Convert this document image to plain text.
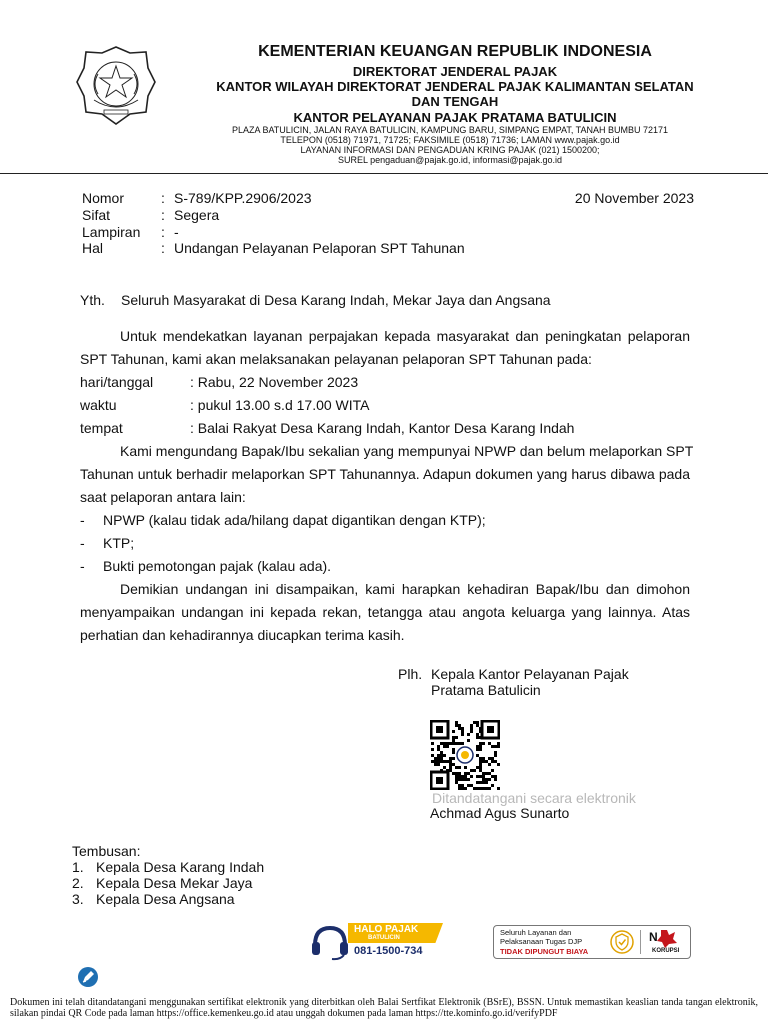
KEMENTERIAN KEUANGAN REPUBLIK INDONESIA
DIREKTORAT JENDERAL PAJAK
KANTOR WILAYAH DIREKTORAT JENDERAL PAJAK KALIMANTAN SELATAN
DAN TENGAH
KANTOR PELAYANAN PAJAK PRATAMA BATULICIN
PLAZA BATULICIN, JALAN RAYA BATULICIN, KAMPUNG BARU, SIMPANG EMPAT, TANAH BUMBU 72171
TELEPON (0518) 71971, 71725; FAKSIMILE (0518) 71736; LAMAN www.pajak.go.id
LAYANAN INFORMASI DAN PENGADUAN KRING PAJAK (021) 1500200;
SUREL pengaduan@pajak.go.id, informasi@pajak.go.id
Nomor	: S-789/KPP.2906/2023
Sifat	: Segera
Lampiran : -
Hal	: Undangan Pelayanan Pelaporan SPT Tahunan
20 November 2023
Yth. Seluruh Masyarakat di Desa Karang Indah, Mekar Jaya dan Angsana
Untuk mendekatkan layanan perpajakan kepada masyarakat dan peningkatan pelaporan
SPT Tahunan, kami akan melaksanakan pelayanan pelaporan SPT Tahunan pada:
hari/tanggal	: Rabu, 22 November 2023
waktu	: pukul 13.00 s.d 17.00 WITA
tempat	: Balai Rakyat Desa Karang Indah, Kantor Desa Karang Indah
Kami mengundang Bapak/Ibu sekalian yang mempunyai NPWP dan belum melaporkan SPT
Tahunan untuk berhadir melaporkan SPT Tahunannya. Adapun dokumen yang harus dibawa pada
saat pelaporan antara lain:
- NPWP (kalau tidak ada/hilang dapat digantikan dengan KTP);
- KTP;
- Bukti pemotongan pajak (kalau ada).
Demikian undangan ini disampaikan, kami harapkan kehadiran Bapak/Ibu dan dimohon
menyampaikan undangan ini kepada rekan, tetangga atau angota keluarga yang lainnya. Atas
perhatian dan kehadirannya diucapkan terima kasih.
Plh. Kepala Kantor Pelayanan Pajak
Pratama Batulicin
Ditandatangani secara elektronik
Achmad Agus Sunarto
Tembusan:
1. Kepala Desa Karang Indah
2. Kepala Desa Mekar Jaya
3. Kepala Desa Angsana
HALO PAJAK
BATULICIN
081-1500-734
Seluruh Layanan dan
Pelaksanaan Tugas DJP
TIDAK DIPUNGUT BIAYA
N
KORUPSI
Dokumen ini telah ditandatangani menggunakan sertifikat elektronik yang diterbitkan oleh Balai Sertfikat Elektronik (BSrE), BSSN. Untuk memastikan keaslian tanda tangan elektronik, silakan pindai QR Code pada laman https://office.kemenkeu.go.id atau unggah dokumen pada laman https://tte.kominfo.go.id/verifyPDF
